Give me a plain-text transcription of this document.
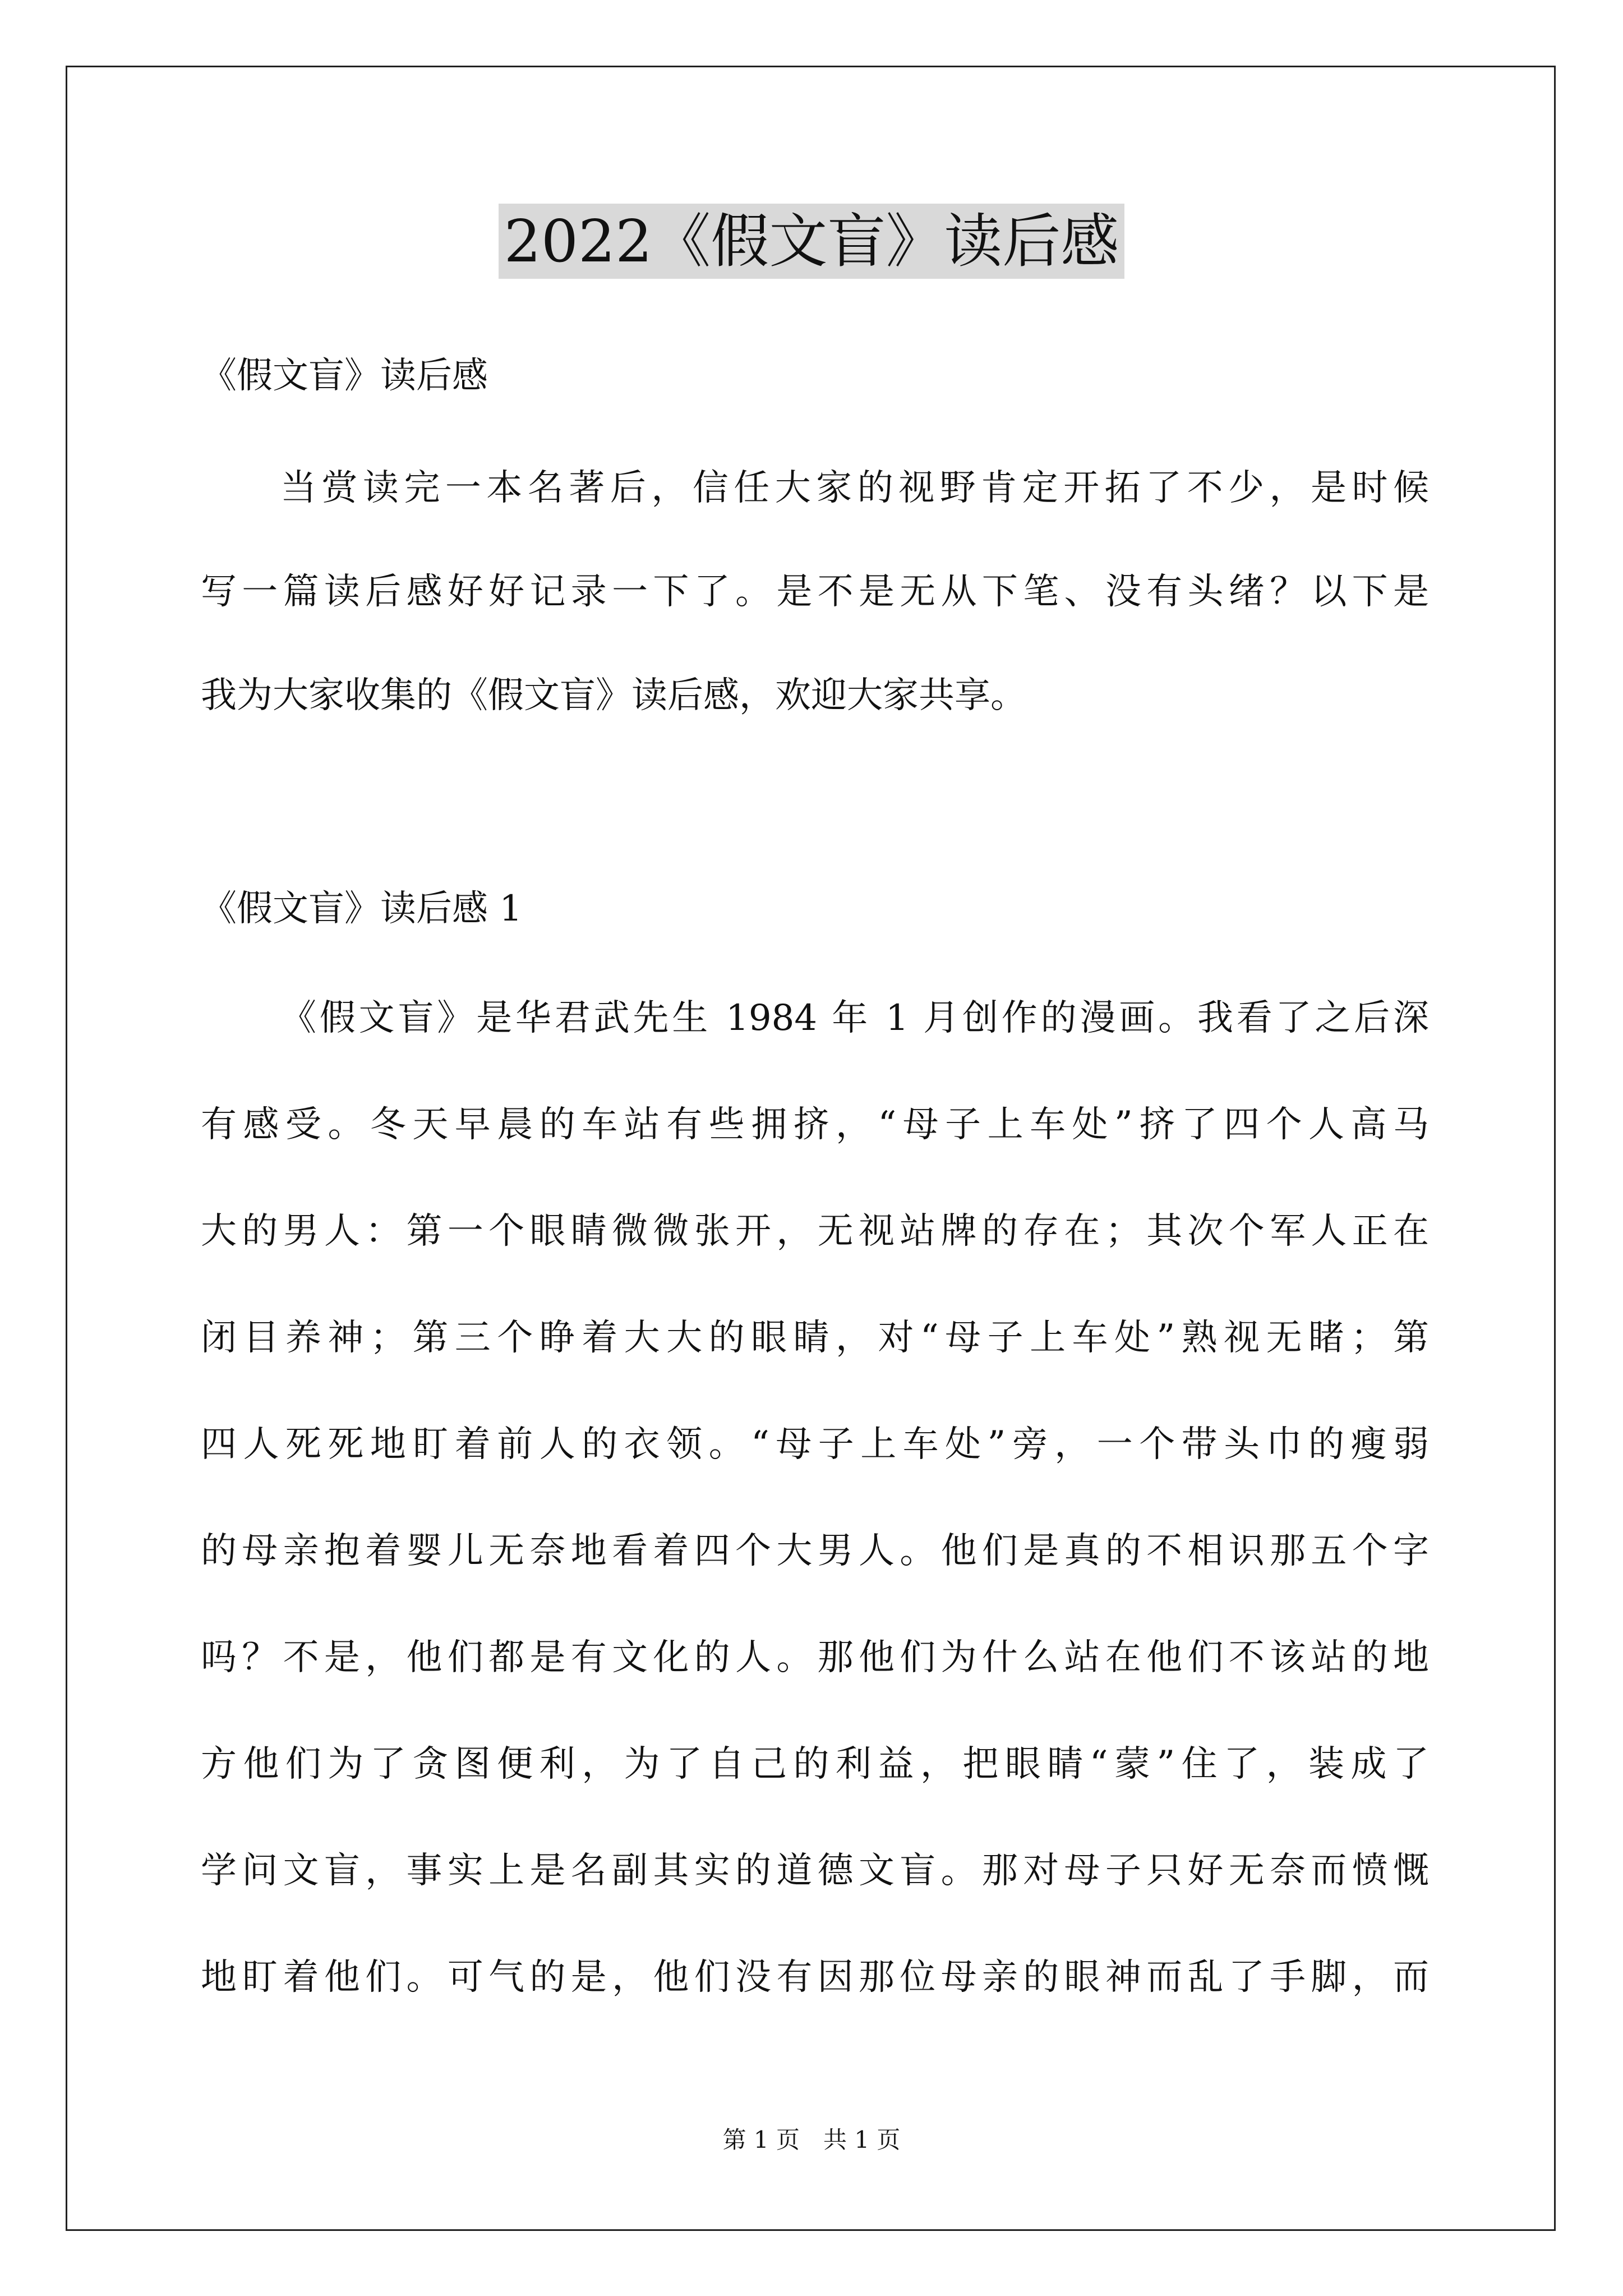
2022《假文盲》读后感
《假文盲》读后感
当赏读完一本名著后，信任大家的视野肯定开拓了不少，是时候
写一篇读后感好好记录一下了。是不是无从下笔、没有头绪？以下是
我为大家收集的《假文盲》读后感，欢迎大家共享。
《假文盲》读后感 1
《假文盲》是华君武先生 1984 年 1 月创作的漫画。我看了之后深
有感受。冬天早晨的车站有些拥挤，“母子上车处”挤了四个人高马
大的男人：第一个眼睛微微张开，无视站牌的存在；其次个军人正在
闭目养神；第三个睁着大大的眼睛，对“母子上车处”熟视无睹；第
四人死死地盯着前人的衣领。“母子上车处”旁，一个带头巾的瘦弱
的母亲抱着婴儿无奈地看着四个大男人。他们是真的不相识那五个字
吗？不是，他们都是有文化的人。那他们为什么站在他们不该站的地
方他们为了贪图便利，为了自己的利益，把眼睛“蒙”住了，装成了
学问文盲，事实上是名副其实的道德文盲。那对母子只好无奈而愤慨
地盯着他们。可气的是，他们没有因那位母亲的眼神而乱了手脚，而
第 1 页　共 1 页
